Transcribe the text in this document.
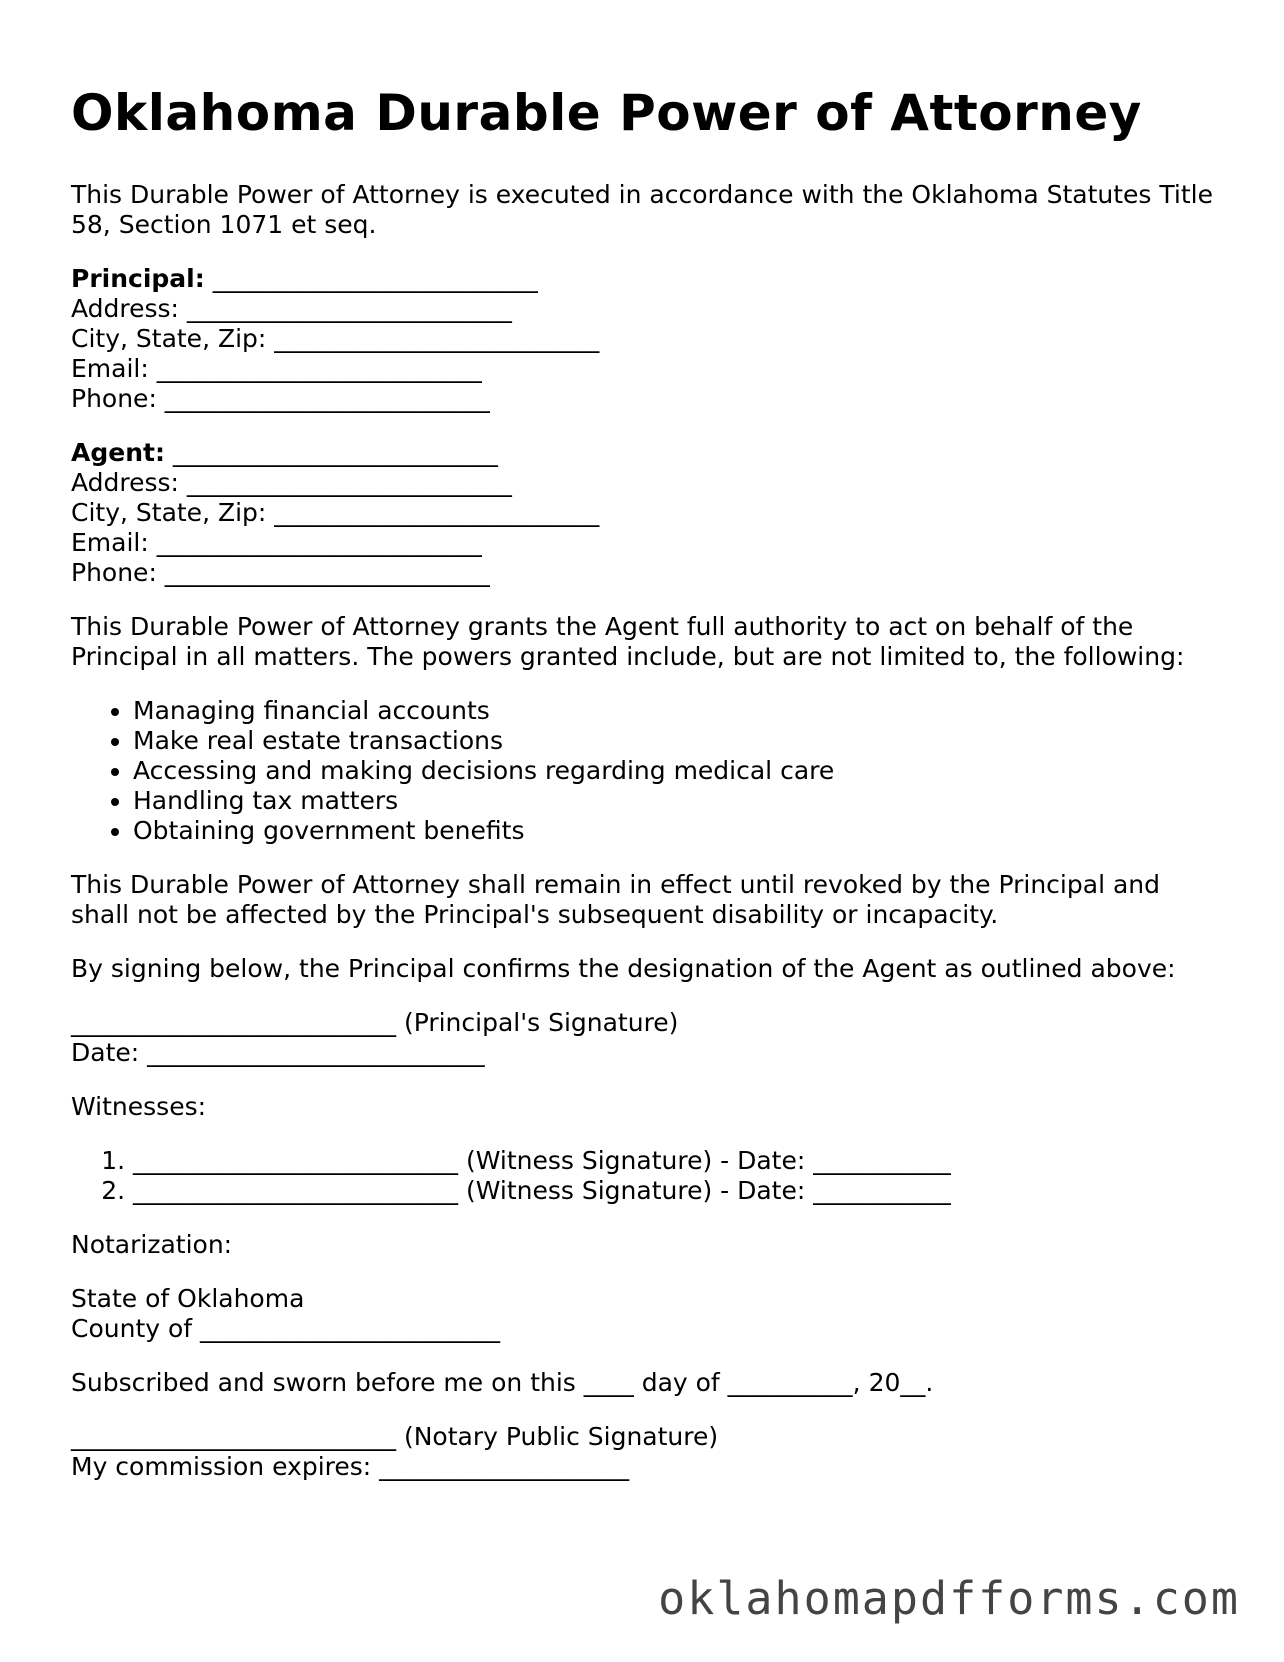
Oklahoma Durable Power of Attorney

This Durable Power of Attorney is executed in accordance with the Oklahoma Statutes Title 58, Section 1071 et seq.

Principal: __________________________
Address: __________________________
City, State, Zip: __________________________
Email: __________________________
Phone: __________________________
Agent: __________________________
Address: __________________________
City, State, Zip: __________________________
Email: __________________________
Phone: __________________________

This Durable Power of Attorney grants the Agent full authority to act on behalf of the Principal in all matters. The powers granted include, but are not limited to, the following:

• Managing financial accounts
• Make real estate transactions
• Accessing and making decisions regarding medical care
• Handling tax matters
• Obtaining government benefits

This Durable Power of Attorney shall remain in effect until revoked by the Principal and shall not be affected by the Principal's subsequent disability or incapacity.

By signing below, the Principal confirms the designation of the Agent as outlined above:

__________________________ (Principal's Signature)
Date: ___________________________

Witnesses:

1. __________________________ (Witness Signature) - Date: ___________
2. __________________________ (Witness Signature) - Date: ___________

Notarization:

State of Oklahoma
County of ________________________

Subscribed and sworn before me on this ____ day of __________, 20__.

__________________________ (Notary Public Signature)
My commission expires: ____________________
oklahomapdfforms.com
